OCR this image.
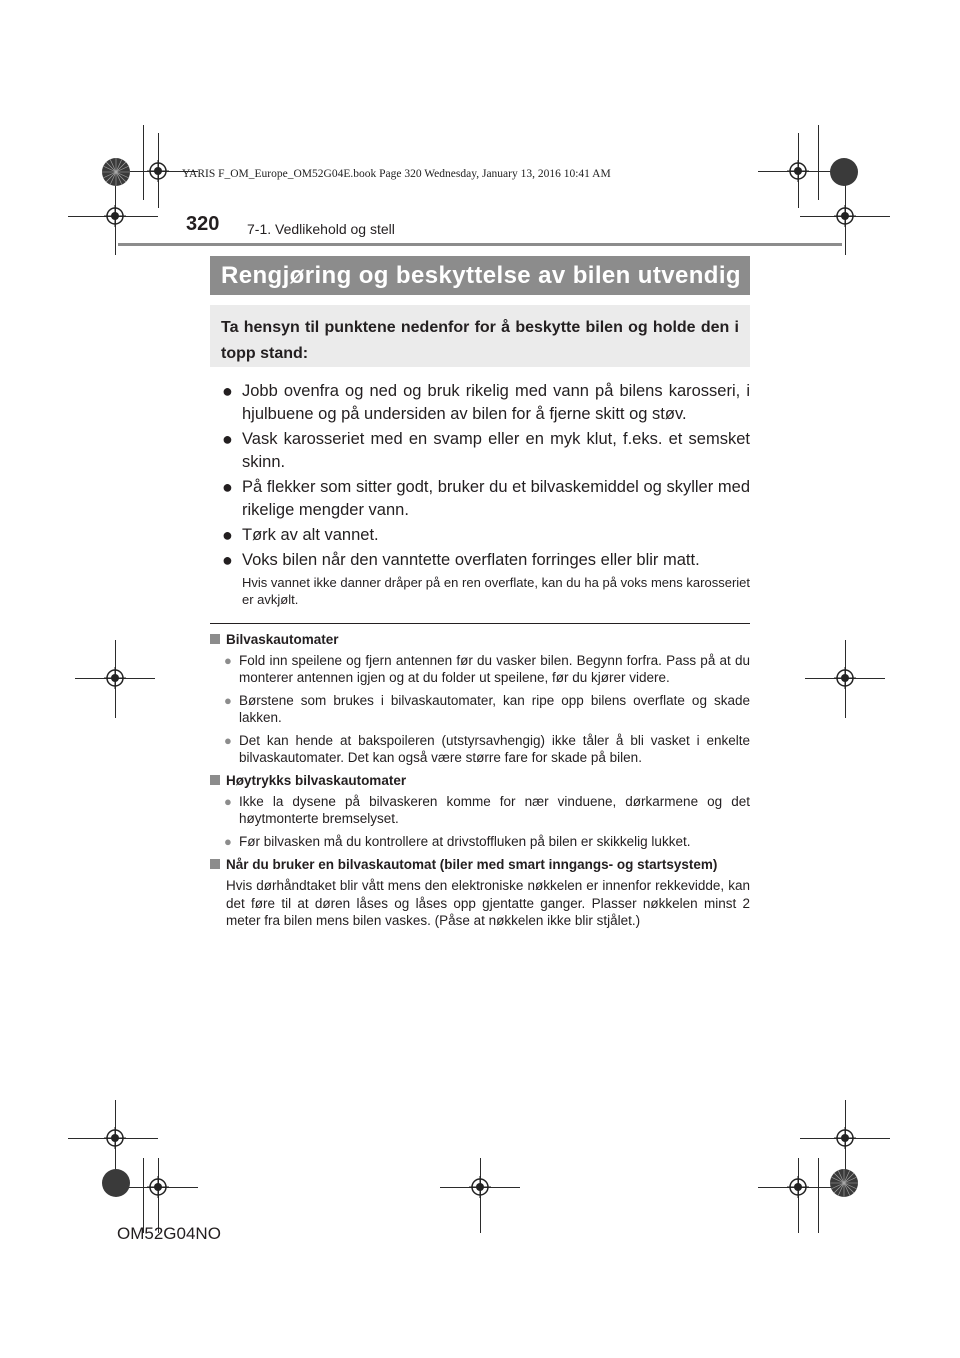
YARIS F_OM_Europe_OM52G04E.book Page 320 Wednesday, January 13, 2016 10:41 AM
320 7-1. Vedlikehold og stell
Rengjøring og beskyttelse av bilen utvendig
Ta hensyn til punktene nedenfor for å beskytte bilen og holde den i topp stand:
● Jobb ovenfra og ned og bruk rikelig med vann på bilens karosseri, i hjulbuene og på undersiden av bilen for å fjerne skitt og støv.
● Vask karosseriet med en svamp eller en myk klut, f.eks. et semsket skinn.
● På flekker som sitter godt, bruker du et bilvaskemiddel og skyller med rikelige mengder vann.
● Tørk av alt vannet.
● Voks bilen når den vanntette overflaten forringes eller blir matt.
Hvis vannet ikke danner dråper på en ren overflate, kan du ha på voks mens karosseriet er avkjølt.
Bilvaskautomater
● Fold inn speilene og fjern antennen før du vasker bilen. Begynn forfra. Pass på at du monterer antennen igjen og at du folder ut speilene, før du kjører videre.
● Børstene som brukes i bilvaskautomater, kan ripe opp bilens overflate og skade lakken.
● Det kan hende at bakspoileren (utstyrsavhengig) ikke tåler å bli vasket i enkelte bilvaskautomater. Det kan også være større fare for skade på bilen.
Høytrykks bilvaskautomater
● Ikke la dysene på bilvaskeren komme for nær vinduene, dørkarmene og det høytmonterte bremselyset.
● Før bilvasken må du kontrollere at drivstoffluken på bilen er skikkelig lukket.
Når du bruker en bilvaskautomat (biler med smart inngangs- og startsystem)
Hvis dørhåndtaket blir vått mens den elektroniske nøkkelen er innenfor rekkevidde, kan det føre til at døren låses og låses opp gjentatte ganger. Plasser nøkkelen minst 2 meter fra bilen mens bilen vaskes. (Påse at nøkkelen ikke blir stjålet.)
OM52G04NO
